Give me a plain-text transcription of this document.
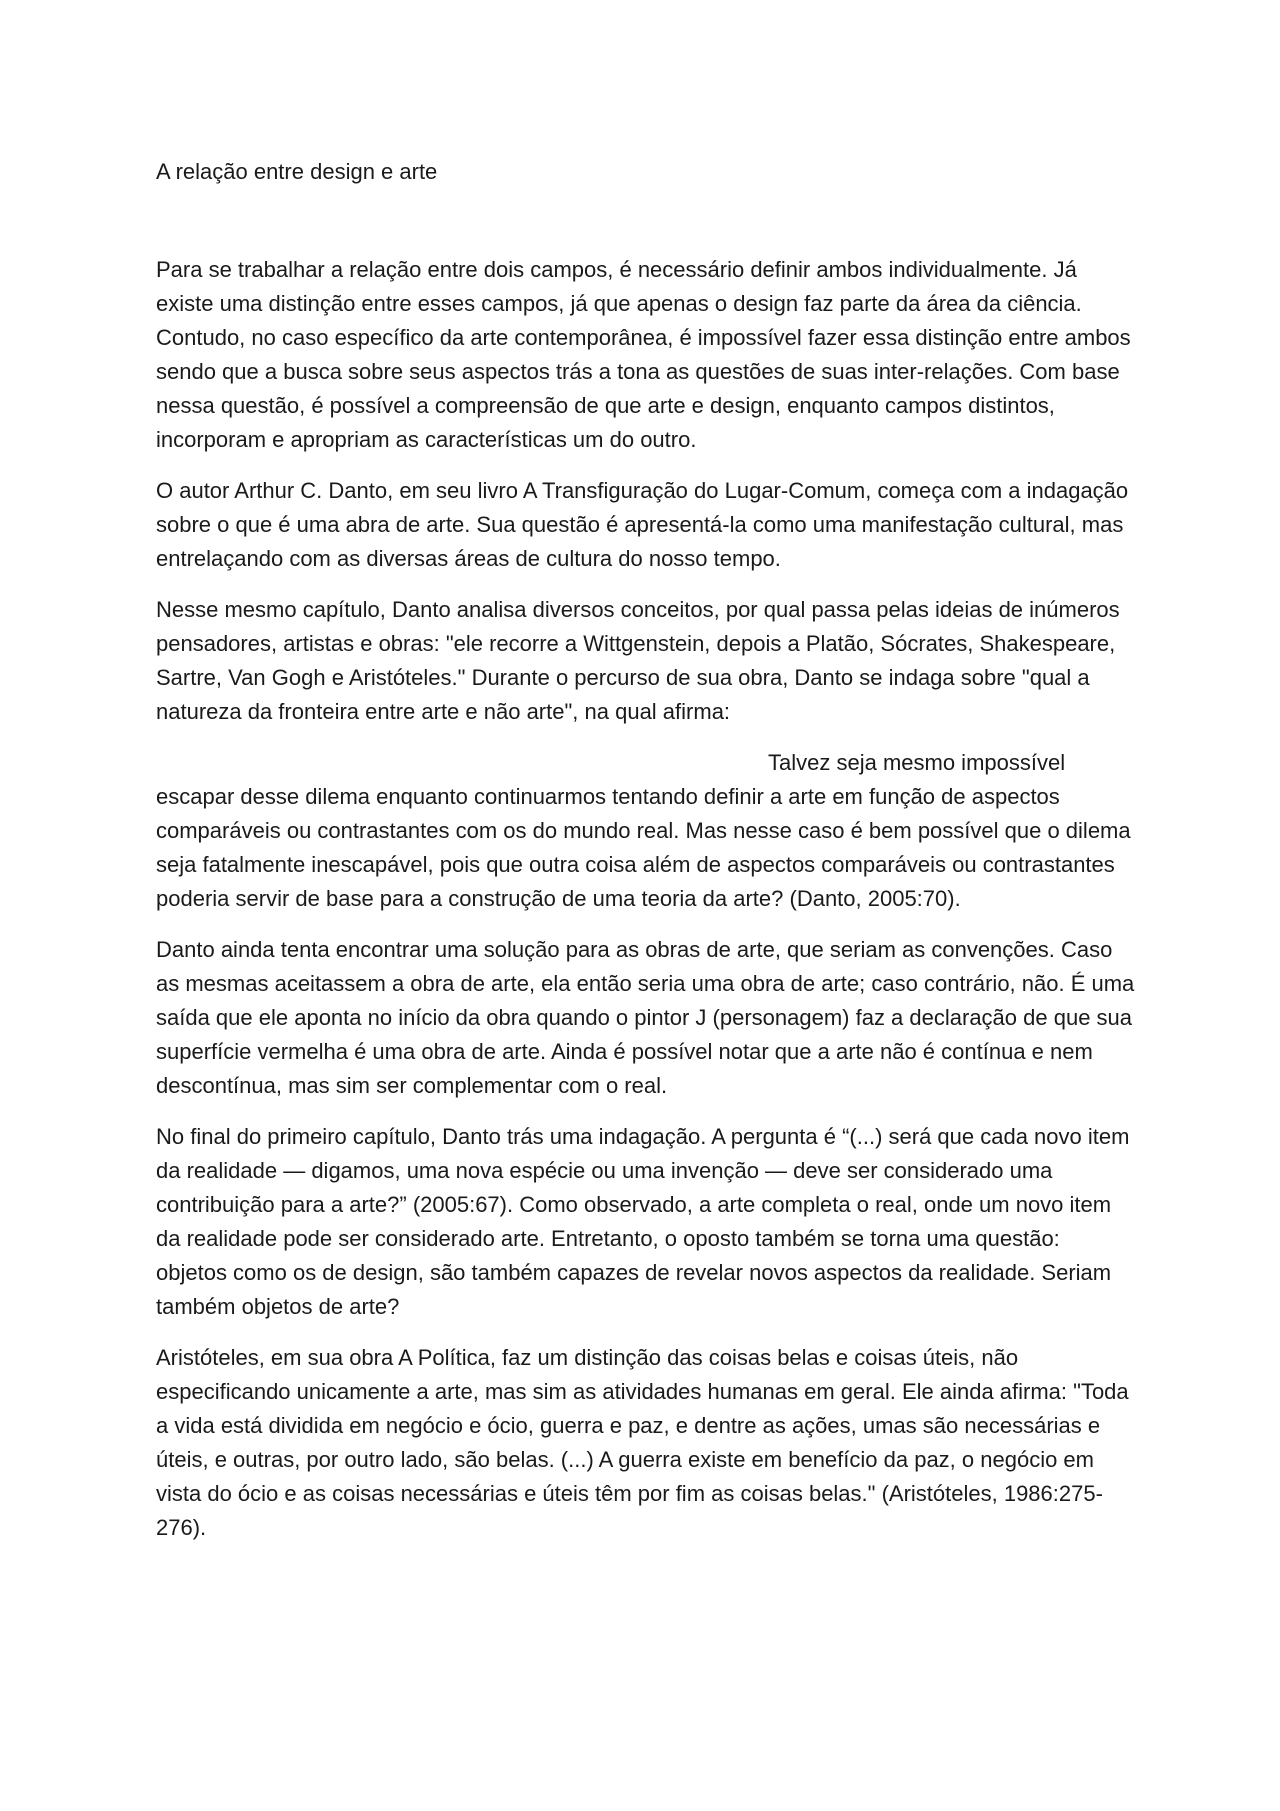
A relação entre design e arte

Para se trabalhar a relação entre dois campos, é necessário definir ambos individualmente. Já existe uma distinção entre esses campos, já que apenas o design faz parte da área da ciência. Contudo, no caso específico da arte contemporânea, é impossível fazer essa distinção entre ambos sendo que a busca sobre seus aspectos trás a tona as questões de suas inter-relações. Com base nessa questão, é possível a compreensão de que arte e design, enquanto campos distintos, incorporam e apropriam as características um do outro.

O autor Arthur C. Danto, em seu livro A Transfiguração do Lugar-Comum, começa com a indagação sobre o que é uma abra de arte. Sua questão é apresentá-la como uma manifestação cultural, mas entrelaçando com as diversas áreas de cultura do nosso tempo.

Nesse mesmo capítulo, Danto analisa diversos conceitos, por qual passa pelas ideias de inúmeros pensadores, artistas e obras: "ele recorre a Wittgenstein, depois a Platão, Sócrates, Shakespeare, Sartre, Van Gogh e Aristóteles." Durante o percurso de sua obra, Danto se indaga sobre "qual a natureza da fronteira entre arte e não arte", na qual afirma:

Talvez seja mesmo impossível escapar desse dilema enquanto continuarmos tentando definir a arte em função de aspectos comparáveis ou contrastantes com os do mundo real. Mas nesse caso é bem possível que o dilema seja fatalmente inescapável, pois que outra coisa além de aspectos comparáveis ou contrastantes poderia servir de base para a construção de uma teoria da arte? (Danto, 2005:70).

Danto ainda tenta encontrar uma solução para as obras de arte, que seriam as convenções. Caso as mesmas aceitassem a obra de arte, ela então seria uma obra de arte; caso contrário, não. É uma saída que ele aponta no início da obra quando o pintor J (personagem) faz a declaração de que sua superfície vermelha é uma obra de arte. Ainda é possível notar que a arte não é contínua e nem descontínua, mas sim ser complementar com o real.

No final do primeiro capítulo, Danto trás uma indagação. A pergunta é “(...) será que cada novo item da realidade — digamos, uma nova espécie ou uma invenção — deve ser considerado uma contribuição para a arte?” (2005:67). Como observado, a arte completa o real, onde um novo item da realidade pode ser considerado arte. Entretanto, o oposto também se torna uma questão: objetos como os de design, são também capazes de revelar novos aspectos da realidade. Seriam também objetos de arte?

Aristóteles, em sua obra A Política, faz um distinção das coisas belas e coisas úteis, não especificando unicamente a arte, mas sim as atividades humanas em geral. Ele ainda afirma: "Toda a vida está dividida em negócio e ócio, guerra e paz, e dentre as ações, umas são necessárias e úteis, e outras, por outro lado, são belas. (...) A guerra existe em benefício da paz, o negócio em vista do ócio e as coisas necessárias e úteis têm por fim as coisas belas." (Aristóteles, 1986:275-276).
